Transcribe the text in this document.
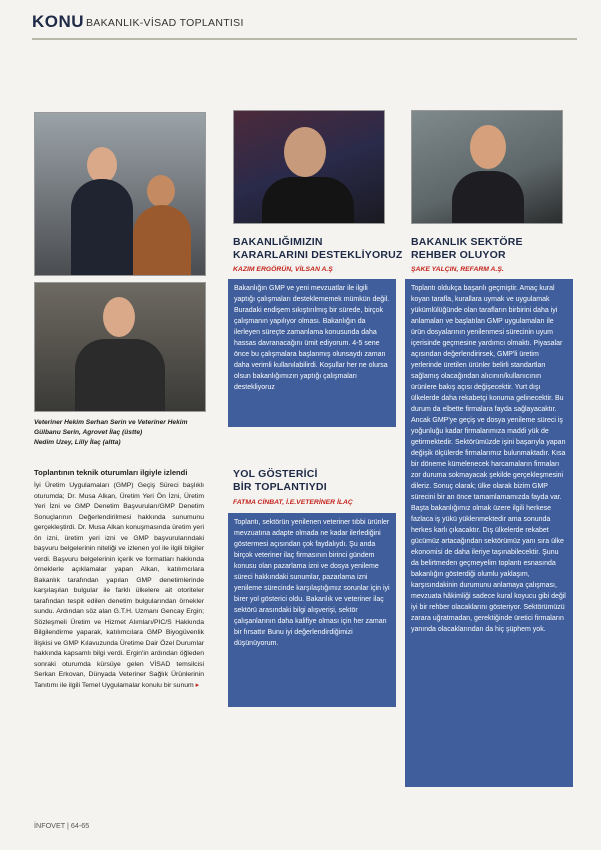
KONU BAKANLIK-VİSAD TOPLANTISI
Veteriner Hekim Serhan Serin ve Veteriner Hekim Gülbanu Serin, Agrovet İlaç (üstte)
Nedim Uzey, Lilly İlaç (altta)
Toplantının teknik oturumları ilgiyle izlendi
İyi Üretim Uygulamaları (GMP) Geçiş Süreci başlıklı oturumda; Dr. Musa Alkan, Üretim Yeri Ön İzni, Üretim Yeri İzni ve GMP Denetim Başvuruları/GMP Denetim Sonuçlarının Değerlendirilmesi hakkında sunumunu gerçekleştirdi. Dr. Musa Alkan konuşmasında üretim yeri ön izni, üretim yeri izni ve GMP başvurularındaki başvuru belgelerinin niteliği ve izlenen yol ile ilgili bilgiler verdi. Başvuru belgelerinin içerik ve formatları hakkında örneklerle açıklamalar yapan Alkan, katılımcılara Bakanlık tarafından yapılan GMP denetimlerinde karşılaşılan bulgular ile farklı ülkelere ait otoriteler tarafından tespit edilen denetim bulgularından örnekler sundu. Ardından söz alan G.T.H. Uzmanı Gencay Ergin; Sözleşmeli Üretim ve Hizmet Alımları/PIC/S Hakkında Bilgilendirme yaparak, katılımcılara GMP Biyogüvenlik İlişkisi ve GMP Kılavuzunda Üretime Dair Özel Durumlar hakkında kapsamlı bilgi verdi. Ergin'in ardından öğleden sonraki oturumda kürsüye gelen VİSAD temsilcisi Serkan Erkovan, Dünyada Veteriner Sağlık Ürünlerinin Tanıtımı ile ilgili Temel Uygulamalar konulu bir sunum ▸
BAKANLIĞIMIZIN
KARARLARINI DESTEKLİYORUZ
KAZIM ERGÖRÜN, VİLSAN A.Ş
Bakanlığın GMP ve yeni mevzuatlar ile ilgili yaptığı çalışmaları desteklememek mümkün değil. Buradaki endişem sıkıştırılmış bir sürede, birçok çalışmanın yapılıyor olması. Bakanlığın da ilerleyen süreçte zamanlama konusunda daha hassas davranacağını ümit ediyorum. 4-5 sene önce bu çalışmalara başlanmış olunsaydı zaman daha verimli kullanılabilirdi. Koşullar her ne olursa olsun bakanlığımızın yaptığı çalışmaları destekliyoruz
YOL GÖSTERİCİ
BİR TOPLANTIYDI
FATMA CİNBAT, İ.E.VETERİNER İLAÇ
Toplantı, sektörün yenilenen veteriner tıbbi ürünler mevzuatına adapte olmada ne kadar ilerlediğini göstermesi açısından çok faydalıydı. Şu anda birçok veteriner ilaç firmasının birinci gündem konusu olan pazarlama izni ve dosya yenileme süreci hakkındaki sunumlar, pazarlama izni yenileme sürecinde karşılaştığımız sorunlar için iyi birer yol gösterici oldu. Bakanlık ve veteriner ilaç sektörü arasındaki bilgi alışverişi, sektör çalışanlarının daha kalifiye olması için her zaman bir fırsattır Bunu iyi değerlendirdiğimizi düşünüyorum.
BAKANLIK SEKTÖRE
REHBER OLUYOR
ŞAKE YALÇIN, REFARM A.Ş.
Toplantı oldukça başarılı geçmiştir. Amaç kural koyan tarafla, kurallara uymak ve uygulamak yükümlülüğünde olan tarafların birbirini daha iyi anlamaları ve başlatılan GMP uygulamaları ile ürün dosyalarının yenilenmesi sürecinin uyum içerisinde geçmesine yardımcı olmaktı. Piyasalar açısından değerlendirirsek, GMP'li üretim yerlerinde üretilen ürünler belirli standartları sağlamış olacağından alıcının/kullanıcının ürünlere bakış açısı değişecektir. Yurt dışı ülkelerde daha rekabetçi konuma gelinecektir. Bu durum da elbette firmalara fayda sağlayacaktır. Ancak GMP'ye geçiş ve dosya yenileme süreci iş yoğunluğu kadar firmalarımıza maddi yük de getirmektedir. Sektörümüzde işini başarıyla yapan değişik ölçülerde firmalarımız bulunmaktadır. Kısa bir döneme kümelenecek harcamaların firmaları zor duruma sokmayacak şekilde gerçekleşmesini dileriz. Sonuç olarak; ülke olarak bizim GMP sürecini bir an önce tamamlamamızda fayda var. Başta bakanlığımız olmak üzere ilgili herkese fazlaca iş yükü yüklenmektedir ama sonunda herkes karlı çıkacaktır. Dış ülkelerde rekabet gücümüz artacağından sektörümüz yanı sıra ülke ekonomisi de daha ileriye taşınabilecektir. Şunu da belirtmeden geçmeyelim toplantı esnasında bakanlığın gösterdiği olumlu yaklaşım, karşısındakinin durumunu anlamaya çalışması, mevzuata hâkimliği sadece kural koyucu gibi değil iyi bir rehber olacaklarını gösteriyor. Sektörümüzü zarara uğratmadan, gerektiğinde üretici firmaların yanında olacaklarından da hiç şüphem yok.
İNFOVET | 64-65
